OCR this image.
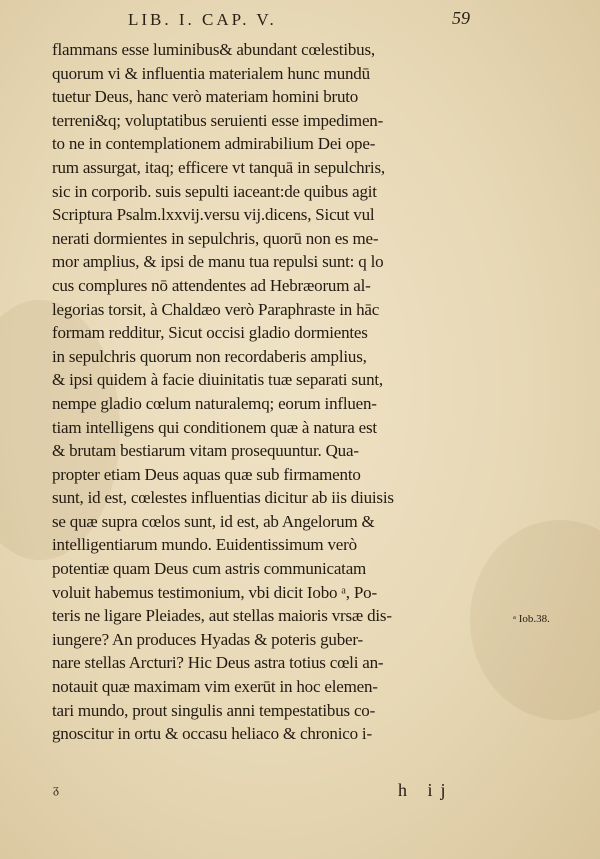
LIB. I. CAP. V.	59
flammans esse luminibus& abundant cœlestibus,
quorum vi & influentia materialem hunc mundū
tuetur Deus, hanc verò materiam homini bruto
terreni&q; voluptatibus seruienti esse impedimen-
to ne in contemplationem admirabilium Dei ope-
rum assurgat, itaq; efficere vt tanquā in sepulchris,
sic in corporib. suis sepulti iaceant:de quibus agit
Scriptura Psalm.lxxvij.versu vij.dicens, Sicut vul
nerati dormientes in sepulchris, quorū non es me-
mor amplius, & ipsi de manu tua repulsi sunt: q lo
cus complures nō attendentes ad Hebræorum al-
legorias torsit, à Chaldæo verò Paraphraste in hāc
formam redditur, Sicut occisi gladio dormientes
in sepulchris quorum non recordaberis amplius,
& ipsi quidem à facie diuinitatis tuæ separati sunt,
nempe gladio cœlum naturalemq; eorum influen-
tiam intelligens qui conditionem quæ à natura est
& brutam bestiarum vitam prosequuntur. Qua-
propter etiam Deus aquas quæ sub firmamento
sunt, id est, cœlestes influentias dicitur ab iis diuisis
se quæ supra cœlos sunt, id est, ab Angelorum &
intelligentiarum mundo. Euidentissimum verò
potentiæ quam Deus cum astris communicatam
voluit habemus testimonium, vbi dicit Iobo ᵃ, Po-
teris ne ligare Pleiades, aut stellas maioris vrsæ dis-
iungere? An produces Hyadas & poteris guber-
nare stellas Arcturi? Hic Deus astra totius cœli an-
notauit quæ maximam vim exerūt in hoc elemen-
tari mundo, prout singulis anni tempestatibus co-
gnoscitur in ortu & occasu heliaco & chronico i-
ᵃ Iob.38.
ᵹ	h ij
